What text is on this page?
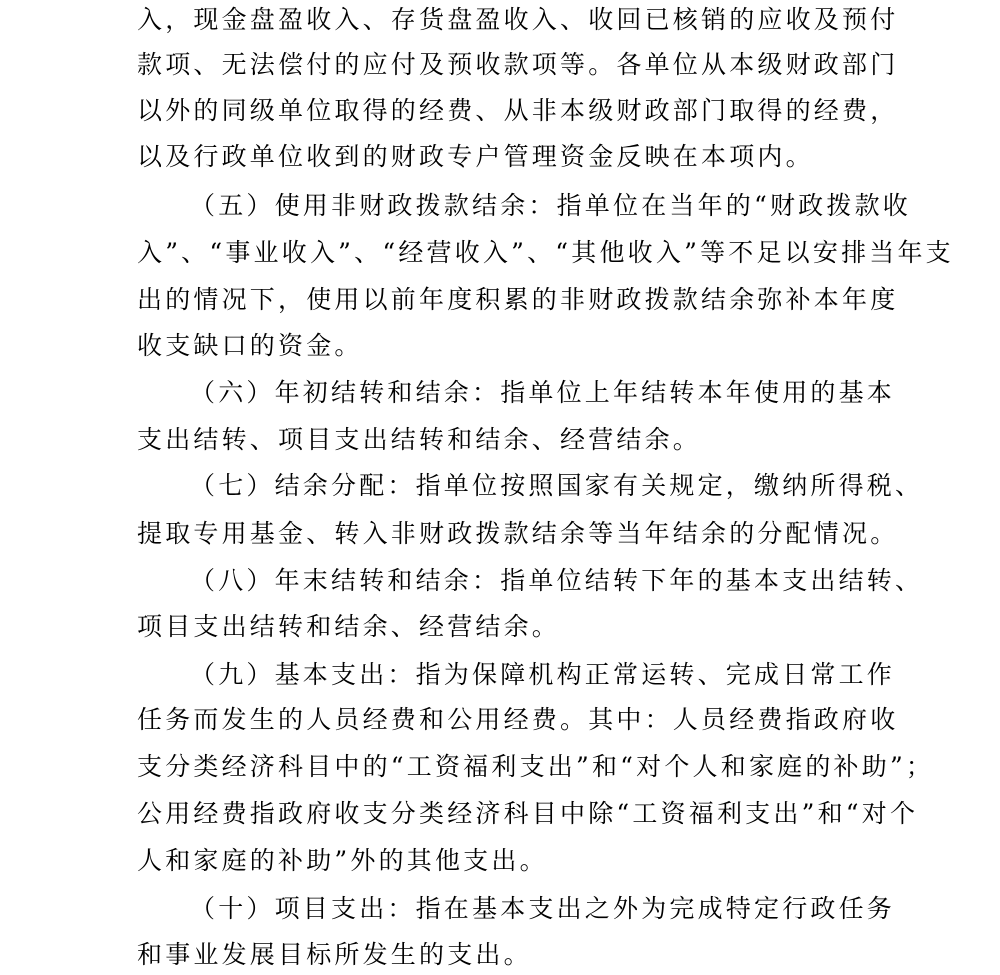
入，现金盘盈收入、存货盘盈收入、收回已核销的应收及预付
款项、无法偿付的应付及预收款项等。各单位从本级财政部门
以外的同级单位取得的经费、从非本级财政部门取得的经费，
以及行政单位收到的财政专户管理资金反映在本项内。
（五）使用非财政拨款结余：指单位在当年的“财政拨款收
入”、“事业收入”、“经营收入”、“其他收入”等不足以安排当年支
出的情况下，使用以前年度积累的非财政拨款结余弥补本年度
收支缺口的资金。
（六）年初结转和结余：指单位上年结转本年使用的基本
支出结转、项目支出结转和结余、经营结余。
（七）结余分配：指单位按照国家有关规定，缴纳所得税、
提取专用基金、转入非财政拨款结余等当年结余的分配情况。
（八）年末结转和结余：指单位结转下年的基本支出结转、
项目支出结转和结余、经营结余。
（九）基本支出：指为保障机构正常运转、完成日常工作
任务而发生的人员经费和公用经费。其中：人员经费指政府收
支分类经济科目中的“工资福利支出”和“对个人和家庭的补助”；
公用经费指政府收支分类经济科目中除“工资福利支出”和“对个
人和家庭的补助”外的其他支出。
（十）项目支出：指在基本支出之外为完成特定行政任务
和事业发展目标所发生的支出。
